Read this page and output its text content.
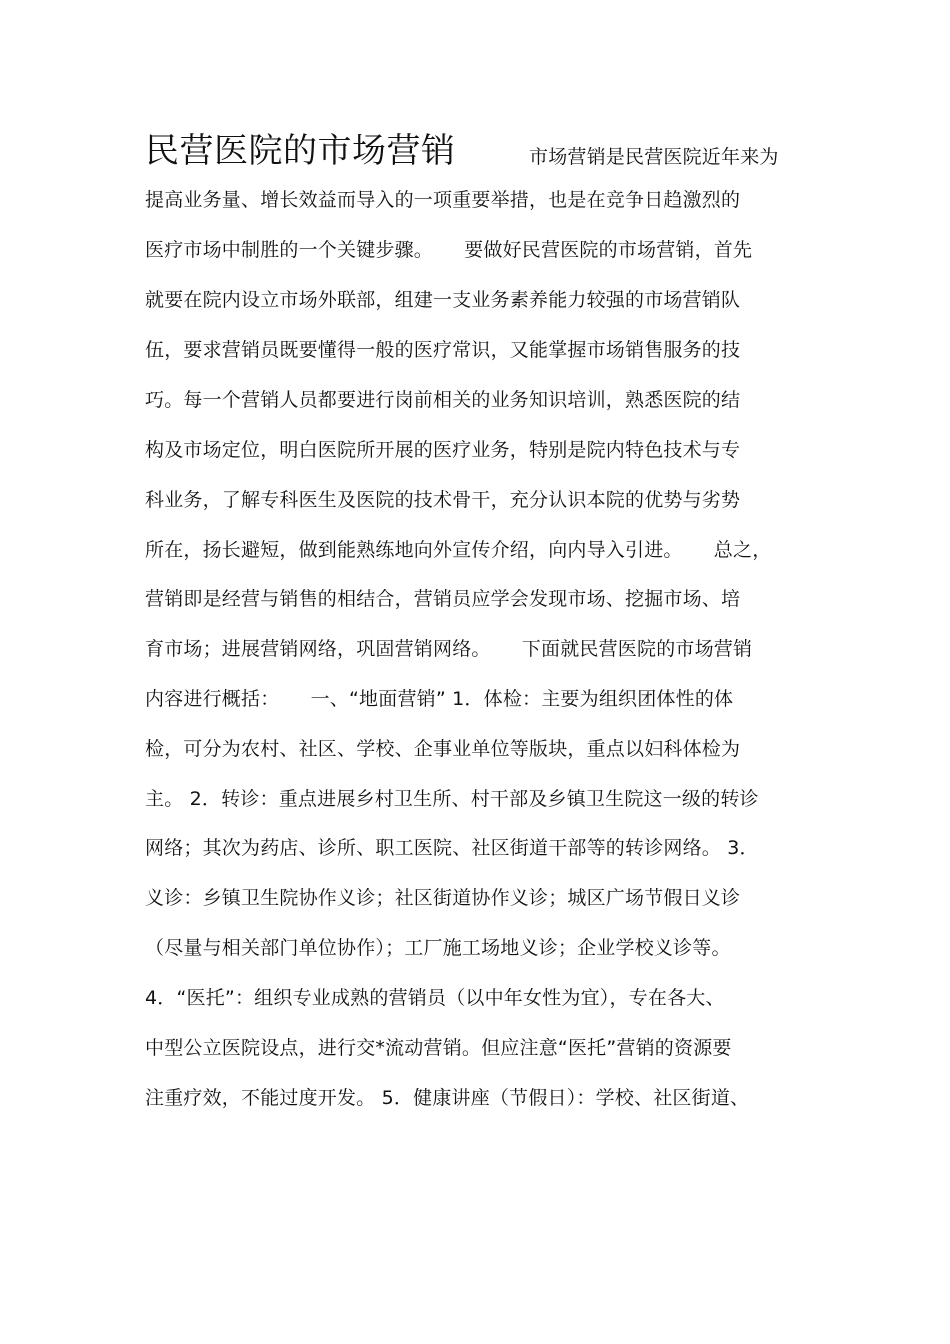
民营医院的市场营销	市场营销是民营医院近年来为
提高业务量、增长效益而导入的一项重要举措，也是在竞争日趋激烈的
医疗市场中制胜的一个关键步骤。     要做好民营医院的市场营销，首先
就要在院内设立市场外联部，组建一支业务素养能力较强的市场营销队
伍，要求营销员既要懂得一般的医疗常识，又能掌握市场销售服务的技
巧。每一个营销人员都要进行岗前相关的业务知识培训，熟悉医院的结
构及市场定位，明白医院所开展的医疗业务，特别是院内特色技术与专
科业务，了解专科医生及医院的技术骨干，充分认识本院的优势与劣势
所在，扬长避短，做到能熟练地向外宣传介绍，向内导入引进。     总之，
营销即是经营与销售的相结合，营销员应学会发现市场、挖掘市场、培
育市场；进展营销网络，巩固营销网络。     下面就民营医院的市场营销
内容进行概括：     一、“地面营销” 1．体检：主要为组织团体性的体
检，可分为农村、社区、学校、企事业单位等版块，重点以妇科体检为
主。 2．转诊：重点进展乡村卫生所、村干部及乡镇卫生院这一级的转诊
网络；其次为药店、诊所、职工医院、社区街道干部等的转诊网络。 3．
义诊：乡镇卫生院协作义诊；社区街道协作义诊；城区广场节假日义诊
（尽量与相关部门单位协作）；工厂施工场地义诊；企业学校义诊等。
4．“医托”：组织专业成熟的营销员（以中年女性为宜），专在各大、
中型公立医院设点，进行交*流动营销。但应注意“医托”营销的资源要
注重疗效，不能过度开发。 5．健康讲座（节假日）：学校、社区街道、
